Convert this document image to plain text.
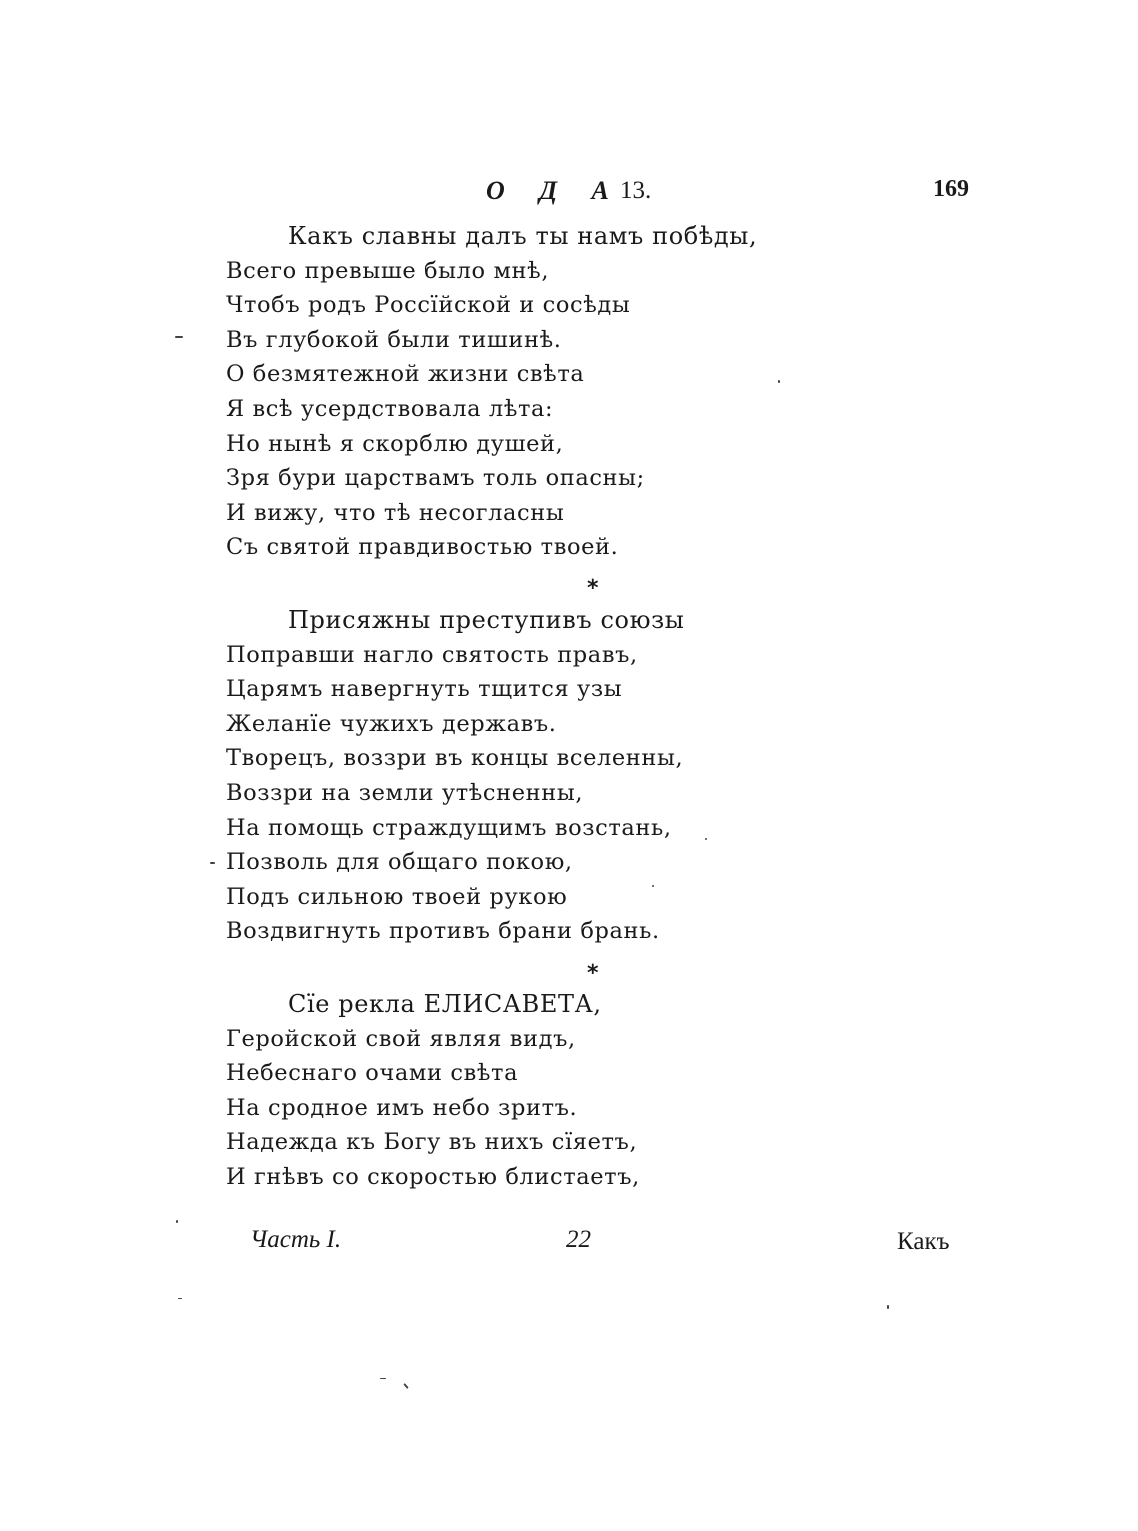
О Д А
13.	169
Какъ славны далъ ты намъ побѣды,
Всего превыше было мнѣ,
Чтобъ родъ Россїйской и сосѣды
Въ глубокой были тишинѣ.
О безмятежной жизни свѣта
Я всѣ усердствовала лѣта:
Но нынѣ я скорблю душей,
Зря бури царствамъ толь опасны;
И вижу, что тѣ несогласны
Съ святой правдивостью твоей.
*
Присяжны преступивъ союзы
Поправши нагло святость правъ,
Царямъ навергнуть тщится узы
Желанїе чужихъ державъ.
Творецъ, воззри въ концы вселенны,
Воззри на земли утѣсненны,
На помощь страждущимъ возстань,
Позволь для общаго покою,
Подъ сильною твоей рукою
Воздвигнуть противъ брани брань.
*
Сїе рекла ЕЛИСАВЕТА,
Геройской свой являя видъ,
Небеснаго очами свѣта
На сродное имъ небо зритъ.
Надежда къ Богу въ нихъ сїяетъ,
И гнѣвъ со скоростью блистаетъ,
Часть I.	22	Какъ
